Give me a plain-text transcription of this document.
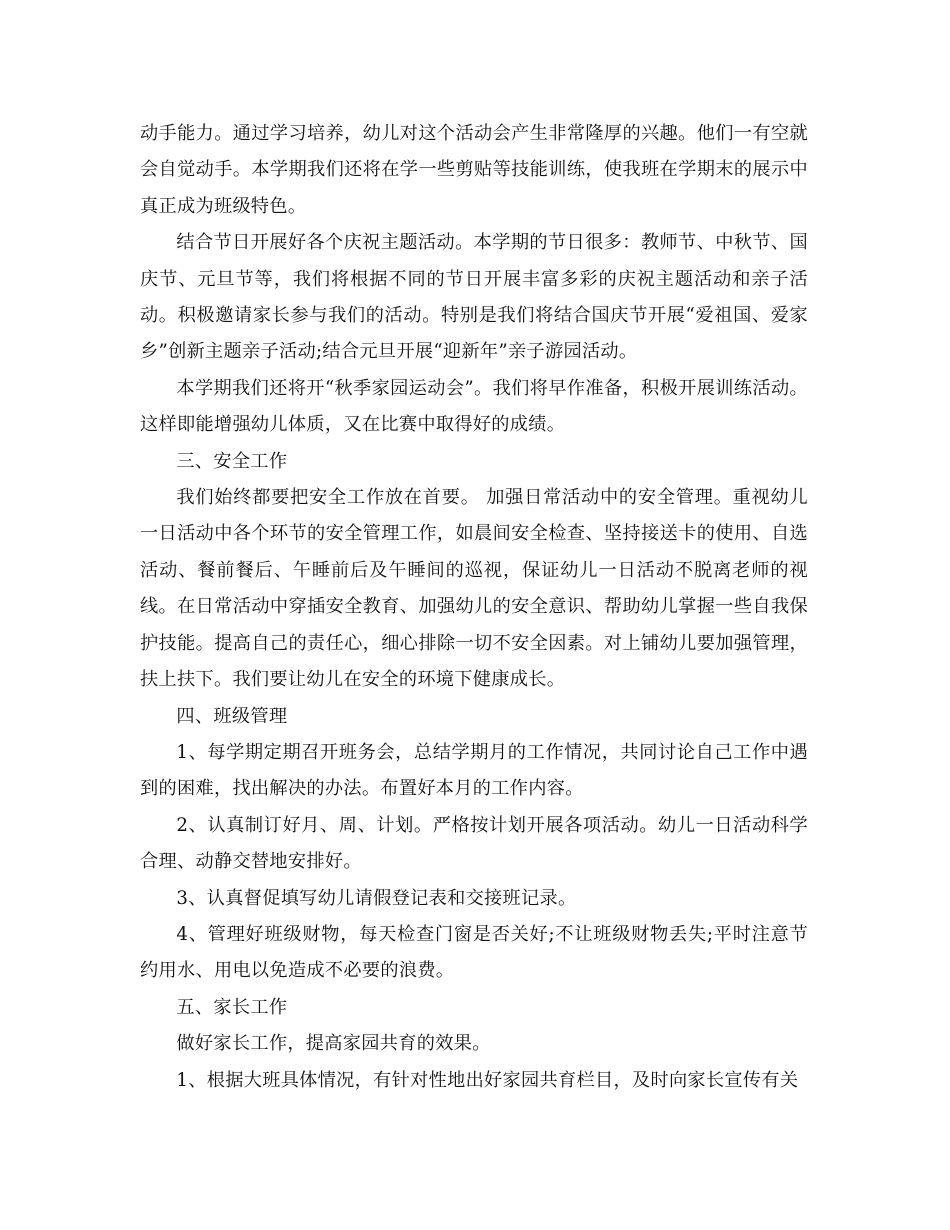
动手能力。通过学习培养，幼儿对这个活动会产生非常隆厚的兴趣。他们一有空就会自觉动手。本学期我们还将在学一些剪贴等技能训练，使我班在学期末的展示中真正成为班级特色。

结合节日开展好各个庆祝主题活动。本学期的节日很多：教师节、中秋节、国庆节、元旦节等，我们将根据不同的节日开展丰富多彩的庆祝主题活动和亲子活动。积极邀请家长参与我们的活动。特别是我们将结合国庆节开展“爱祖国、爱家乡”创新主题亲子活动;结合元旦开展“迎新年”亲子游园活动。

本学期我们还将开“秋季家园运动会”。我们将早作准备，积极开展训练活动。这样即能增强幼儿体质，又在比赛中取得好的成绩。

三、安全工作

我们始终都要把安全工作放在首要。 加强日常活动中的安全管理。重视幼儿一日活动中各个环节的安全管理工作，如晨间安全检查、坚持接送卡的使用、自选活动、餐前餐后、午睡前后及午睡间的巡视，保证幼儿一日活动不脱离老师的视线。在日常活动中穿插安全教育、加强幼儿的安全意识、帮助幼儿掌握一些自我保护技能。提高自己的责任心，细心排除一切不安全因素。对上铺幼儿要加强管理，扶上扶下。我们要让幼儿在安全的环境下健康成长。

四、班级管理

1、每学期定期召开班务会，总结学期月的工作情况，共同讨论自己工作中遇到的困难，找出解决的办法。布置好本月的工作内容。

2、认真制订好月、周、计划。严格按计划开展各项活动。幼儿一日活动科学合理、动静交替地安排好。

3、认真督促填写幼儿请假登记表和交接班记录。

4、管理好班级财物，每天检查门窗是否关好;不让班级财物丢失;平时注意节约用水、用电以免造成不必要的浪费。

五、家长工作

做好家长工作，提高家园共育的效果。

1、根据大班具体情况，有针对性地出好家园共育栏目，及时向家长宣传有关
